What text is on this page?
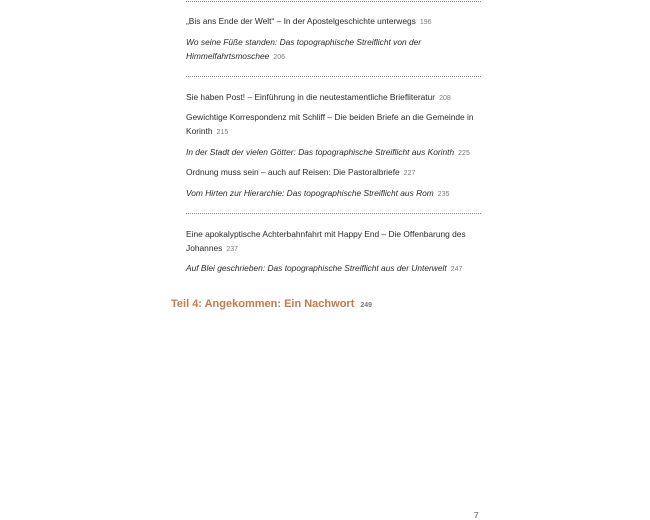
„Bis ans Ende der Welt“ – In der Apostelgeschichte unterwegs 196
Wo seine Füße standen: Das topographische Streiflicht von der Himmelfahrtsmoschee 206
Sie haben Post! – Einführung in die neutestamentliche Briefliteratur 208
Gewichtige Korrespondenz mit Schliff – Die beiden Briefe an die Gemeinde in Korinth 215
In der Stadt der vielen Götter: Das topographische Streiflicht aus Korinth 225
Ordnung muss sein – auch auf Reisen: Die Pastoralbriefe 227
Vom Hirten zur Hierarchie: Das topographische Streiflicht aus Rom 235
Eine apokalyptische Achterbahnfahrt mit Happy End – Die Offenbarung des Johannes 237
Auf Blei geschrieben: Das topographische Streiflicht aus der Unterwelt 247
Teil 4: Angekommen: Ein Nachwort 249
7
